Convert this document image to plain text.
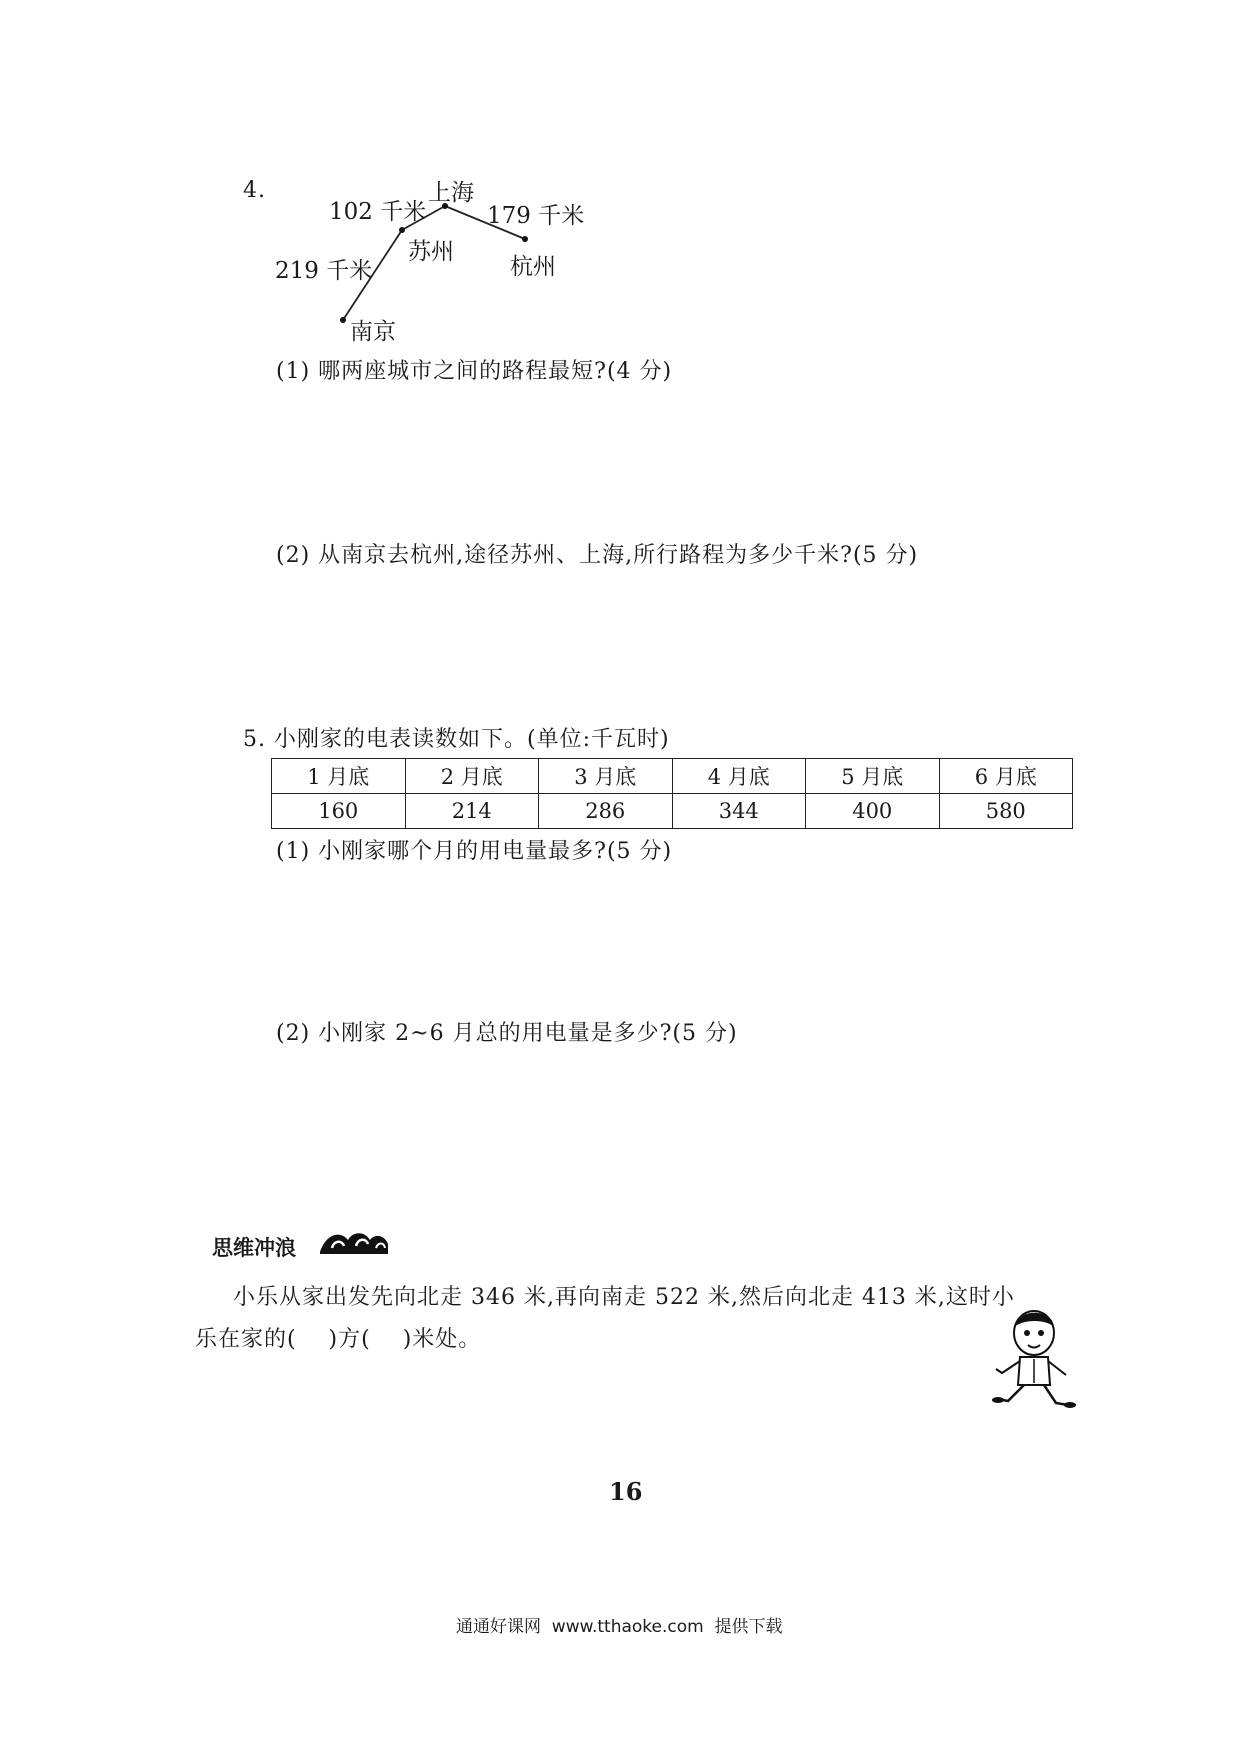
4.
102 千米
上海
179 千米
苏州
杭州
219 千米
南京
(1) 哪两座城市之间的路程最短?(4 分)
(2) 从南京去杭州,途径苏州、上海,所行路程为多少千米?(5 分)
5. 小刚家的电表读数如下。(单位:千瓦时)
1 月底	2 月底	3 月底	4 月底	5 月底	6 月底
160	214	286	344	400	580
(1) 小刚家哪个月的用电量最多?(5 分)
(2) 小刚家 2~6 月总的用电量是多少?(5 分)
思维冲浪
小乐从家出发先向北走 346 米,再向南走 522 米,然后向北走 413 米,这时小
乐在家的(    )方(    )米处。
16
通通好课网  www.tthaoke.com  提供下载
